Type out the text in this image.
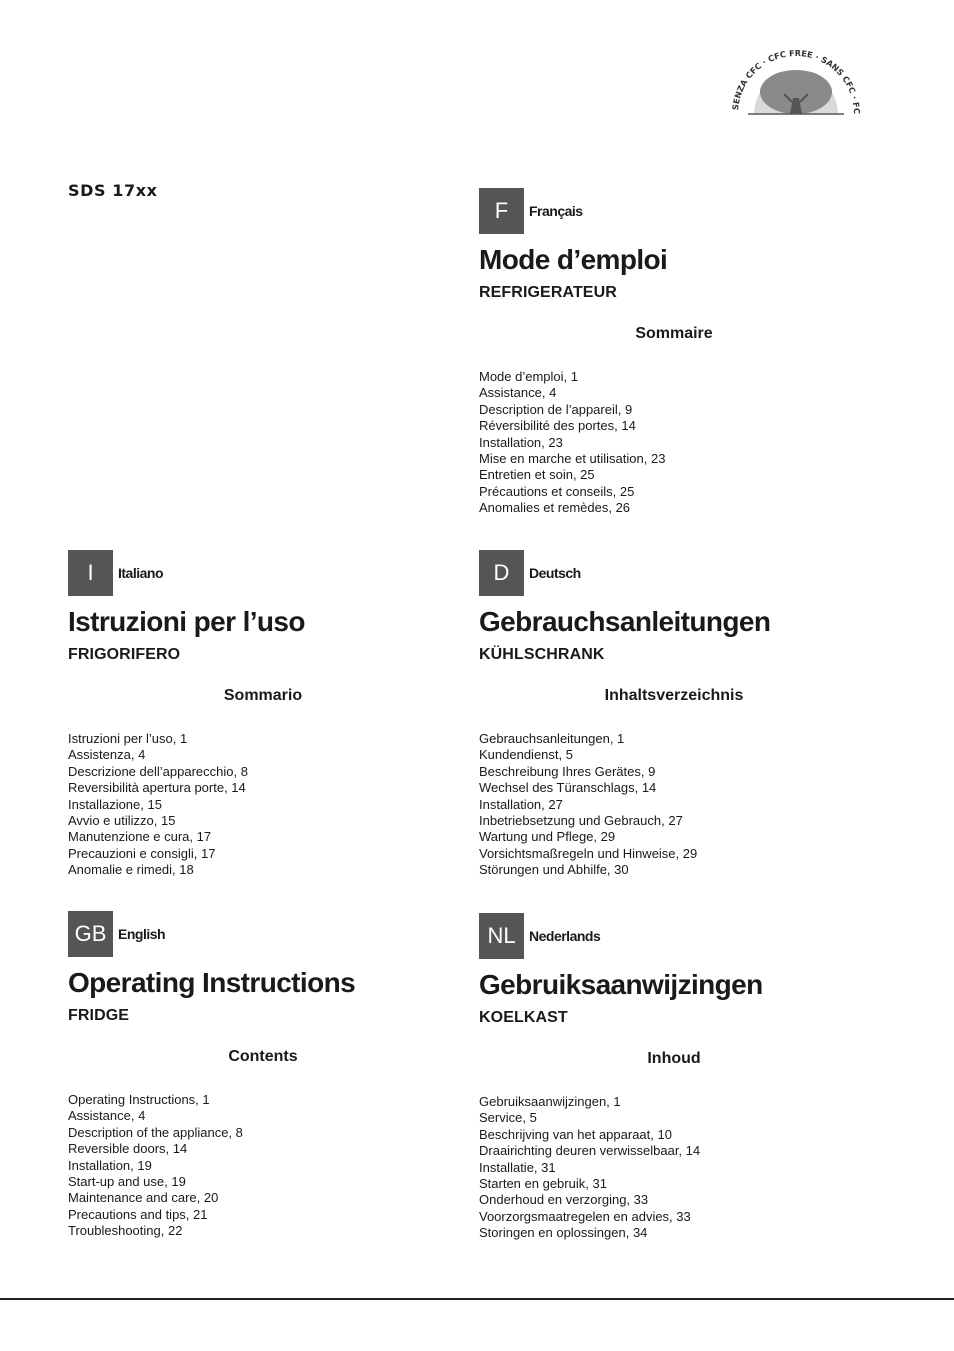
SDS 17xx
SENZA CFC · CFC FREE · SANS CFC · FC
F	Français
Mode d’emploi
REFRIGERATEUR
Sommaire
Mode d’emploi, 1
Assistance, 4
Description de l’appareil, 9
Réversibilité des portes, 14
Installation, 23
Mise en marche et utilisation, 23
Entretien et soin, 25
Précautions et conseils, 25
Anomalies et remèdes, 26
I	Italiano
Istruzioni per l’uso
FRIGORIFERO
Sommario
Istruzioni per l’uso, 1
Assistenza, 4
Descrizione dell’apparecchio, 8
Reversibilità apertura porte, 14
Installazione, 15
Avvio e utilizzo, 15
Manutenzione e cura, 17
Precauzioni e consigli, 17
Anomalie e rimedi, 18
D	Deutsch
Gebrauchsanleitungen
KÜHLSCHRANK
Inhaltsverzeichnis
Gebrauchsanleitungen, 1
Kundendienst, 5
Beschreibung Ihres Gerätes, 9
Wechsel des Türanschlags, 14
Installation, 27
Inbetriebsetzung und Gebrauch, 27
Wartung und Pflege, 29
Vorsichtsmaßregeln und Hinweise, 29
Störungen und Abhilfe, 30
GB English
Operating Instructions
FRIDGE
Contents
Operating Instructions, 1
Assistance, 4
Description of the appliance, 8
Reversible doors, 14
Installation, 19
Start-up and use, 19
Maintenance and care, 20
Precautions and tips, 21
Troubleshooting, 22
NL Nederlands
Gebruiksaanwijzingen
KOELKAST
Inhoud
Gebruiksaanwijzingen, 1
Service, 5
Beschrijving van het apparaat, 10
Draairichting deuren verwisselbaar, 14
Installatie, 31
Starten en gebruik, 31
Onderhoud en verzorging, 33
Voorzorgsmaatregelen en advies, 33
Storingen en oplossingen, 34
